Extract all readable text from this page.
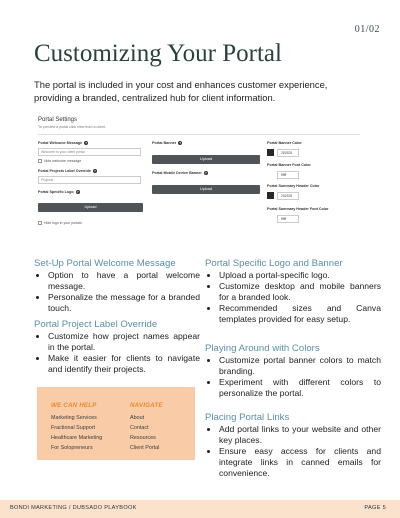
01/02
Customizing Your Portal

The portal is included in your cost and enhances customer experience, providing a branded, centralized hub for client information.

Portal Settings
To preview a portal click view from a client.
Portal Welcome Message ?
Welcome to your client portal
Hide welcome message
Portal Projects Label Override ?
Projects
Portal Specific Logo ?
Upload
Hide logo in your portals
Portal Banner ?
Upload
Portal Mobile Device Banner ?
Upload
Portal Banner Color
282828
Portal Banner Font Color
ffffff
Portal Summary Header Color
282828
Portal Summary Header Font Color
ffffff
Set-Up Portal Welcome Message
• Option to have a portal welcome message.
• Personalize the message for a branded touch.
Portal Project Label Override
• Customize how project names appear in the portal.
• Make it easier for clients to navigate and identify their projects.
Portal Specific Logo and Banner
• Upload a portal-specific logo.
• Customize desktop and mobile banners for a branded look.
• Recommended sizes and Canva templates provided for easy setup.
Playing Around with Colors
• Customize portal banner colors to match branding.
• Experiment with different colors to personalize the portal.
Placing Portal Links
• Add portal links to your website and other key places.
• Ensure easy access for clients and integrate links in canned emails for convenience.
WE CAN HELP
Marketing Services
Fractional Support
Healthcare Marketing
For Solopreneurs
NAVIGATE
About
Contact
Resources
Client Portal
BONDI MARKETING / DUBSADO PLAYBOOK	PAGE 5
